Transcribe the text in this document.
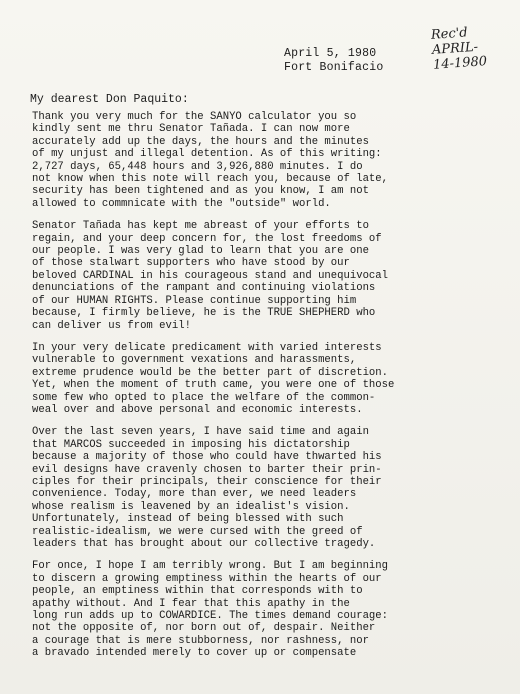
Rec'd
APRIL-
14-1980
April 5, 1980
Fort Bonifacio
My dearest Don Paquito:
Thank you very much for the SANYO calculator you so
kindly sent me thru Senator Tañada. I can now more
accurately add up the days, the hours and the minutes
of my unjust and illegal detention. As of this writing:
2,727 days, 65,448 hours and 3,926,880 minutes. I do
not know when this note will reach you, because of late,
security has been tightened and as you know, I am not
allowed to commnicate with the "outside" world.
Senator Tañada has kept me abreast of your efforts to
regain, and your deep concern for, the lost freedoms of
our people. I was very glad to learn that you are one
of those stalwart supporters who have stood by our
beloved CARDINAL in his courageous stand and unequivocal
denunciations of the rampant and continuing violations
of our HUMAN RIGHTS. Please continue supporting him
because, I firmly believe, he is the TRUE SHEPHERD who
can deliver us from evil!
In your very delicate predicament with varied interests
vulnerable to government vexations and harassments,
extreme prudence would be the better part of discretion.
Yet, when the moment of truth came, you were one of those
some few who opted to place the welfare of the common-
weal over and above personal and economic interests.
Over the last seven years, I have said time and again
that MARCOS succeeded in imposing his dictatorship
because a majority of those who could have thwarted his
evil designs have cravenly chosen to barter their prin-
ciples for their principals, their conscience for their
convenience. Today, more than ever, we need leaders
whose realism is leavened by an idealist's vision.
Unfortunately, instead of being blessed with such
realistic-idealism, we were cursed with the greed of
leaders that has brought about our collective tragedy.
For once, I hope I am terribly wrong. But I am beginning
to discern a growing emptiness within the hearts of our
people, an emptiness within that corresponds with to
apathy without. And I fear that this apathy in the
long run adds up to COWARDICE. The times demand courage:
not the opposite of, nor born out of, despair. Neither
a courage that is mere stubborness, nor rashness, nor
a bravado intended merely to cover up or compensate
